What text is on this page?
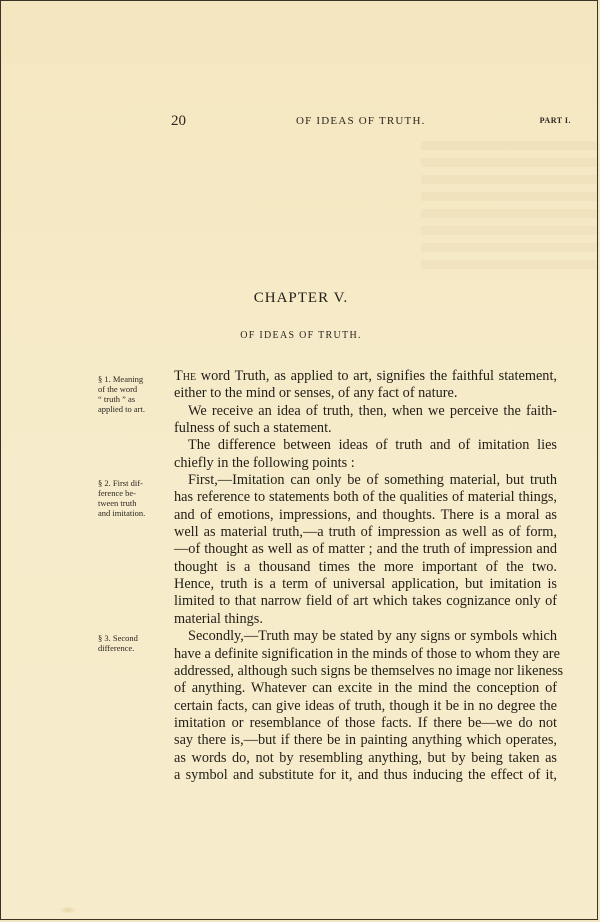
20	OF IDEAS OF TRUTH.	PART I.
CHAPTER V.
OF IDEAS OF TRUTH.
§ 1. Meaning
of the word
“ truth ” as
applied to art.
§ 2. First dif-
ference be-
tween truth
and imitation.
§ 3. Second
difference.
The word Truth, as applied to art, signifies the faithful statement,
either to the mind or senses, of any fact of nature.
We receive an idea of truth, then, when we perceive the faith-
fulness of such a statement.
The difference between ideas of truth and of imitation lies
chiefly in the following points :
First,—Imitation can only be of something material, but truth
has reference to statements both of the qualities of material things,
and of emotions, impressions, and thoughts. There is a moral as
well as material truth,—a truth of impression as well as of form,
—of thought as well as of matter ; and the truth of impression and
thought is a thousand times the more important of the two.
Hence, truth is a term of universal application, but imitation is
limited to that narrow field of art which takes cognizance only of
material things.
Secondly,—Truth may be stated by any signs or symbols which
have a definite signification in the minds of those to whom they are
addressed, although such signs be themselves no image nor likeness
of anything. Whatever can excite in the mind the conception of
certain facts, can give ideas of truth, though it be in no degree the
imitation or resemblance of those facts. If there be—we do not
say there is,—but if there be in painting anything which operates,
as words do, not by resembling anything, but by being taken as
a symbol and substitute for it, and thus inducing the effect of it,
